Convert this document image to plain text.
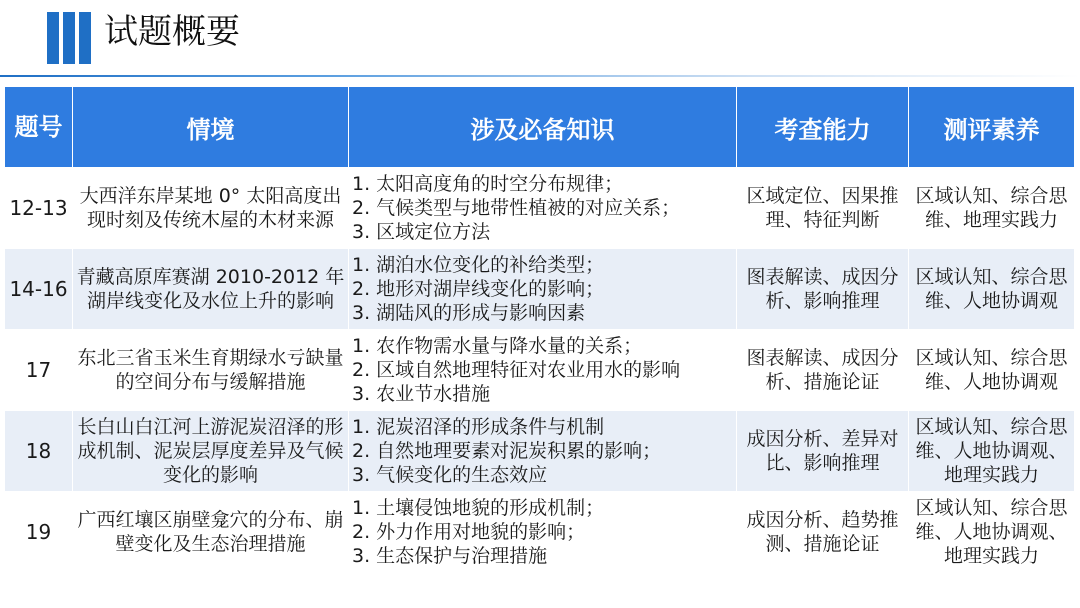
试题概要
题号	情境	涉及必备知识	考查能力	测评素养
12-13	大西洋东岸某地 0° 太阳高度出现时刻及传统木屋的木材来源	1. 太阳高度角的时空分布规律；
2. 气候类型与地带性植被的对应关系；
3. 区域定位方法	区域定位、因果推理、特征判断	区域认知、综合思维、地理实践力
14-16	青藏高原库赛湖 2010-2012 年湖岸线变化及水位上升的影响	1. 湖泊水位变化的补给类型；
2. 地形对湖岸线变化的影响；
3. 湖陆风的形成与影响因素	图表解读、成因分析、影响推理	区域认知、综合思维、人地协调观
17	东北三省玉米生育期绿水亏缺量的空间分布与缓解措施	1. 农作物需水量与降水量的关系；
2. 区域自然地理特征对农业用水的影响
3. 农业节水措施	图表解读、成因分析、措施论证	区域认知、综合思维、人地协调观
18	长白山白江河上游泥炭沼泽的形成机制、泥炭层厚度差异及气候变化的影响	1. 泥炭沼泽的形成条件与机制
2. 自然地理要素对泥炭积累的影响；
3. 气候变化的生态效应	成因分析、差异对比、影响推理	区域认知、综合思维、人地协调观、地理实践力
19	广西红壤区崩壁龛穴的分布、崩壁变化及生态治理措施	1. 土壤侵蚀地貌的形成机制；
2. 外力作用对地貌的影响；
3. 生态保护与治理措施	成因分析、趋势推测、措施论证	区域认知、综合思维、人地协调观、地理实践力
